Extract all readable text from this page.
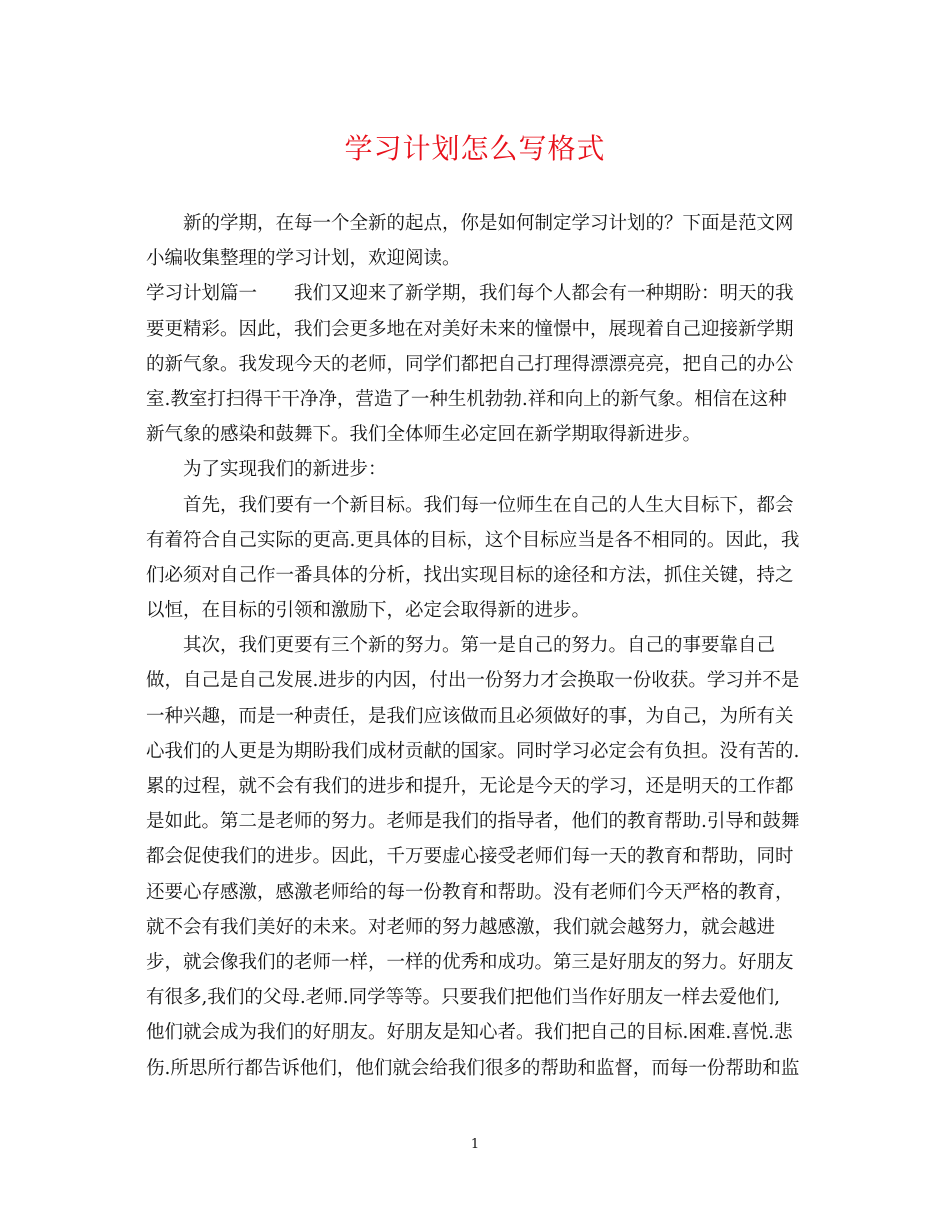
学习计划怎么写格式
新的学期，在每一个全新的起点，你是如何制定学习计划的？下面是范文网
小编收集整理的学习计划，欢迎阅读。
学习计划篇一　　我们又迎来了新学期，我们每个人都会有一种期盼：明天的我
要更精彩。因此，我们会更多地在对美好未来的憧憬中，展现着自己迎接新学期
的新气象。我发现今天的老师，同学们都把自己打理得漂漂亮亮，把自己的办公
室.教室打扫得干干净净，营造了一种生机勃勃.祥和向上的新气象。相信在这种
新气象的感染和鼓舞下。我们全体师生必定回在新学期取得新进步。
为了实现我们的新进步：
首先，我们要有一个新目标。我们每一位师生在自己的人生大目标下，都会
有着符合自己实际的更高.更具体的目标，这个目标应当是各不相同的。因此，我
们必须对自己作一番具体的分析，找出实现目标的途径和方法，抓住关键，持之
以恒，在目标的引领和激励下，必定会取得新的进步。
其次，我们更要有三个新的努力。第一是自己的努力。自己的事要靠自己
做，自己是自己发展.进步的内因，付出一份努力才会换取一份收获。学习并不是
一种兴趣，而是一种责任，是我们应该做而且必须做好的事，为自己，为所有关
心我们的人更是为期盼我们成材贡献的国家。同时学习必定会有负担。没有苦的.
累的过程，就不会有我们的进步和提升，无论是今天的学习，还是明天的工作都
是如此。第二是老师的努力。老师是我们的指导者，他们的教育帮助.引导和鼓舞
都会促使我们的进步。因此，千万要虚心接受老师们每一天的教育和帮助，同时
还要心存感激，感激老师给的每一份教育和帮助。没有老师们今天严格的教育，
就不会有我们美好的未来。对老师的努力越感激，我们就会越努力，就会越进
步，就会像我们的老师一样，一样的优秀和成功。第三是好朋友的努力。好朋友
有很多,我们的父母.老师.同学等等。只要我们把他们当作好朋友一样去爱他们,
他们就会成为我们的好朋友。好朋友是知心者。我们把自己的目标.困难.喜悦.悲
伤.所思所行都告诉他们，他们就会给我们很多的帮助和监督，而每一份帮助和监
1
